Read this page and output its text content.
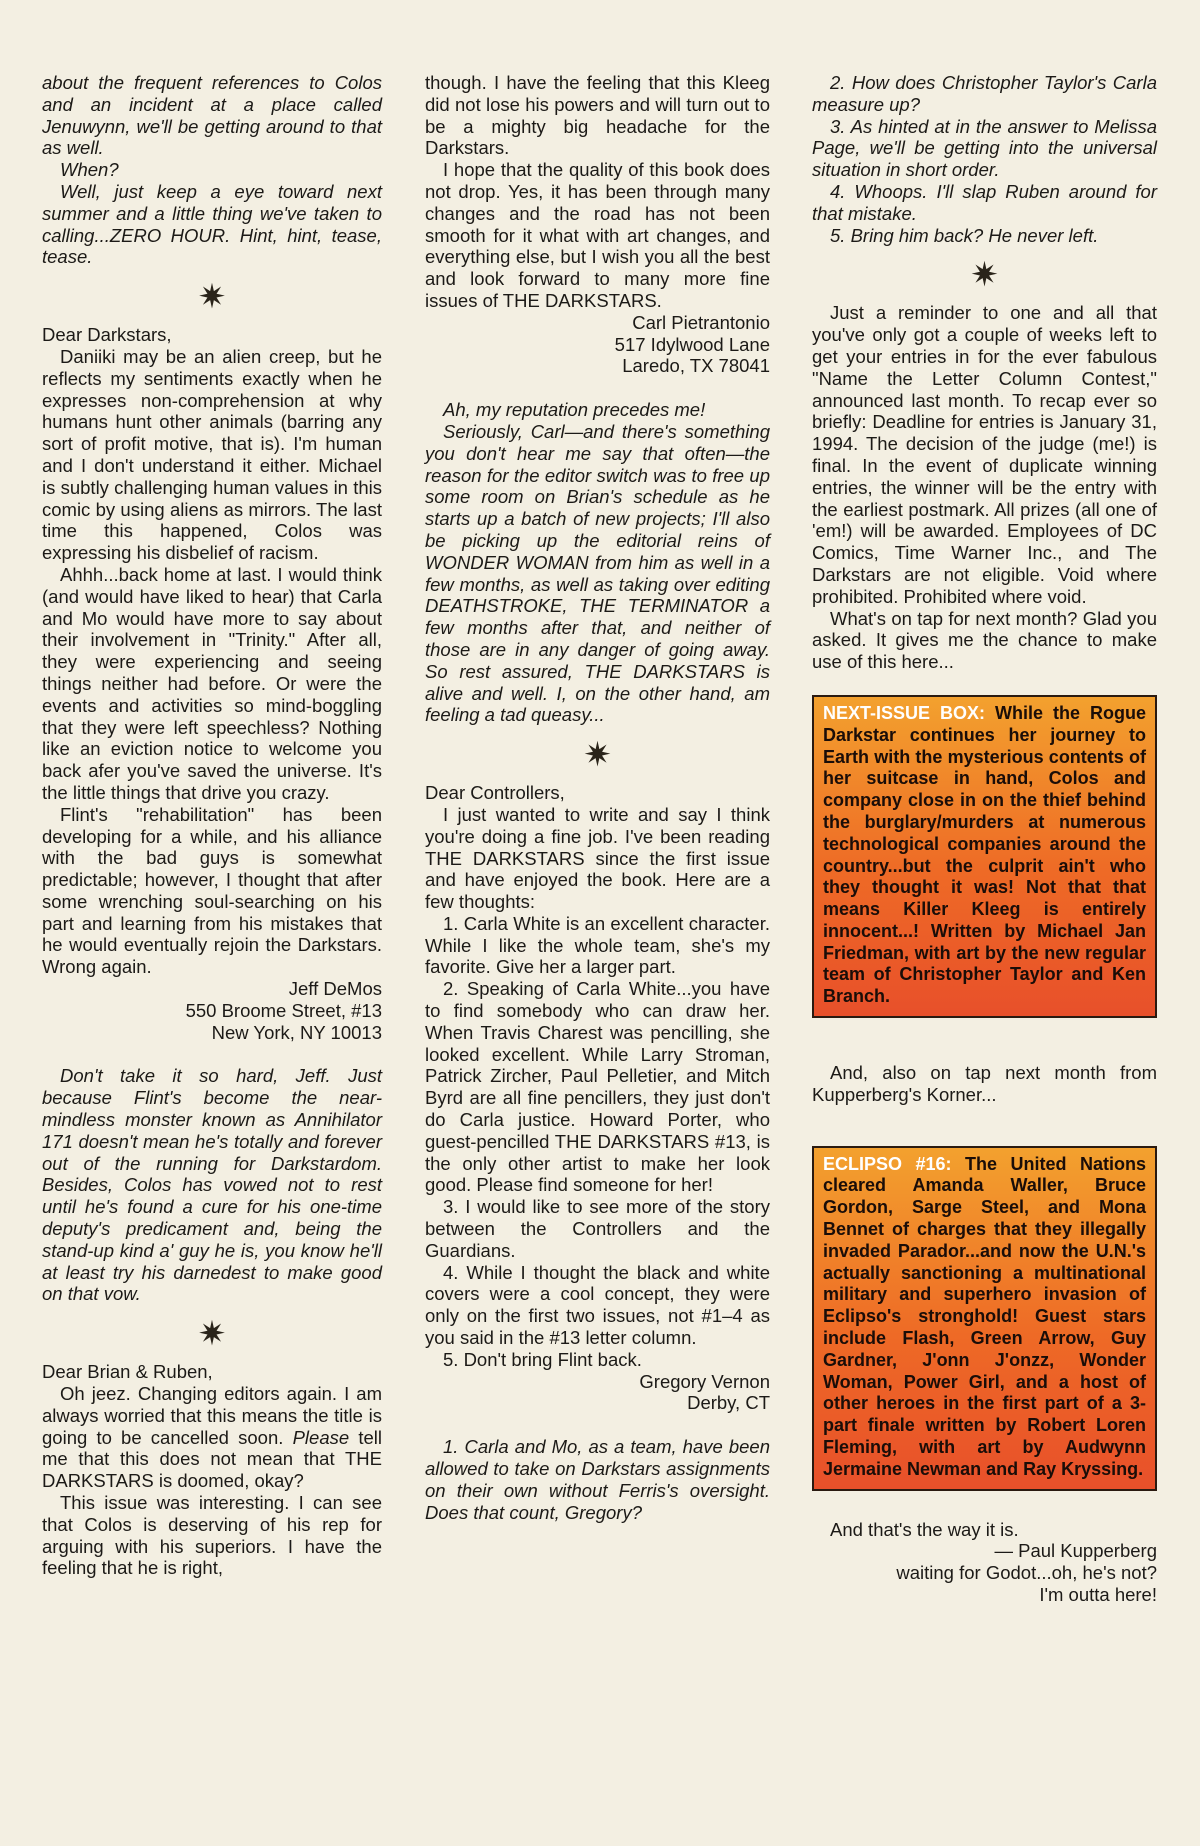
about the frequent references to Colos and an incident at a place called Jenuwynn, we'll be getting around to that as well.

When?

Well, just keep a eye toward next summer and a little thing we've taken to calling...ZERO HOUR. Hint, hint, tease, tease.

✷

Dear Darkstars,

Daniiki may be an alien creep, but he reflects my sentiments exactly when he expresses non-comprehension at why humans hunt other animals (barring any sort of profit motive, that is). I'm human and I don't understand it either. Michael is subtly challenging human values in this comic by using aliens as mirrors. The last time this happened, Colos was expressing his disbelief of racism.

Ahhh...back home at last. I would think (and would have liked to hear) that Carla and Mo would have more to say about their involvement in "Trinity." After all, they were experiencing and seeing things neither had before. Or were the events and activities so mind-boggling that they were left speechless? Nothing like an eviction notice to welcome you back afer you've saved the universe. It's the little things that drive you crazy.

Flint's "rehabilitation" has been developing for a while, and his alliance with the bad guys is somewhat predictable; however, I thought that after some wrenching soul-searching on his part and learning from his mistakes that he would eventually rejoin the Darkstars. Wrong again.

Jeff DeMos

550 Broome Street, #13

New York, NY 10013

Don't take it so hard, Jeff. Just because Flint's become the near-mindless monster known as Annihilator 171 doesn't mean he's totally and forever out of the running for Darkstardom. Besides, Colos has vowed not to rest until he's found a cure for his one-time deputy's predicament and, being the stand-up kind a' guy he is, you know he'll at least try his darnedest to make good on that vow.

✷

Dear Brian & Ruben,

Oh jeez. Changing editors again. I am always worried that this means the title is going to be cancelled soon. Please tell me that this does not mean that THE DARKSTARS is doomed, okay?

This issue was interesting. I can see that Colos is deserving of his rep for arguing with his superiors. I have the feeling that he is right,

though. I have the feeling that this Kleeg did not lose his powers and will turn out to be a mighty big headache for the Darkstars.

I hope that the quality of this book does not drop. Yes, it has been through many changes and the road has not been smooth for it what with art changes, and everything else, but I wish you all the best and look forward to many more fine issues of THE DARKSTARS.

Carl Pietrantonio

517 Idylwood Lane

Laredo, TX 78041

Ah, my reputation precedes me!

Seriously, Carl—and there's something you don't hear me say that often—the reason for the editor switch was to free up some room on Brian's schedule as he starts up a batch of new projects; I'll also be picking up the editorial reins of WONDER WOMAN from him as well in a few months, as well as taking over editing DEATHSTROKE, THE TERMINATOR a few months after that, and neither of those are in any danger of going away. So rest assured, THE DARKSTARS is alive and well. I, on the other hand, am feeling a tad queasy...

✷

Dear Controllers,

I just wanted to write and say I think you're doing a fine job. I've been reading THE DARKSTARS since the first issue and have enjoyed the book. Here are a few thoughts:

1. Carla White is an excellent character. While I like the whole team, she's my favorite. Give her a larger part.

2. Speaking of Carla White...you have to find somebody who can draw her. When Travis Charest was pencilling, she looked excellent. While Larry Stroman, Patrick Zircher, Paul Pelletier, and Mitch Byrd are all fine pencillers, they just don't do Carla justice. Howard Porter, who guest-pencilled THE DARKSTARS #13, is the only other artist to make her look good. Please find someone for her!

3. I would like to see more of the story between the Controllers and the Guardians.

4. While I thought the black and white covers were a cool concept, they were only on the first two issues, not #1–4 as you said in the #13 letter column.

5. Don't bring Flint back.

Gregory Vernon

Derby, CT

1. Carla and Mo, as a team, have been allowed to take on Darkstars assignments on their own without Ferris's oversight. Does that count, Gregory?

2. How does Christopher Taylor's Carla measure up?

3. As hinted at in the answer to Melissa Page, we'll be getting into the universal situation in short order.

4. Whoops. I'll slap Ruben around for that mistake.

5. Bring him back? He never left.

✷

Just a reminder to one and all that you've only got a couple of weeks left to get your entries in for the ever fabulous "Name the Letter Column Contest," announced last month. To recap ever so briefly: Deadline for entries is January 31, 1994. The decision of the judge (me!) is final. In the event of duplicate winning entries, the winner will be the entry with the earliest postmark. All prizes (all one of 'em!) will be awarded. Employees of DC Comics, Time Warner Inc., and The Darkstars are not eligible. Void where prohibited. Prohibited where void.

What's on tap for next month? Glad you asked. It gives me the chance to make use of this here...

NEXT-ISSUE BOX: While the Rogue Darkstar continues her journey to Earth with the mysterious contents of her suitcase in hand, Colos and company close in on the thief behind the burglary/murders at numerous technological companies around the country...but the culprit ain't who they thought it was! Not that that means Killer Kleeg is entirely innocent...! Written by Michael Jan Friedman, with art by the new regular team of Christopher Taylor and Ken Branch.

And, also on tap next month from Kupperberg's Korner...

ECLIPSO #16: The United Nations cleared Amanda Waller, Bruce Gordon, Sarge Steel, and Mona Bennet of charges that they illegally invaded Parador...and now the U.N.'s actually sanctioning a multinational military and superhero invasion of Eclipso's stronghold! Guest stars include Flash, Green Arrow, Guy Gardner, J'onn J'onzz, Wonder Woman, Power Girl, and a host of other heroes in the first part of a 3-part finale written by Robert Loren Fleming, with art by Audwynn Jermaine Newman and Ray Kryssing.

And that's the way it is.

— Paul Kupperberg

waiting for Godot...oh, he's not?

I'm outta here!
